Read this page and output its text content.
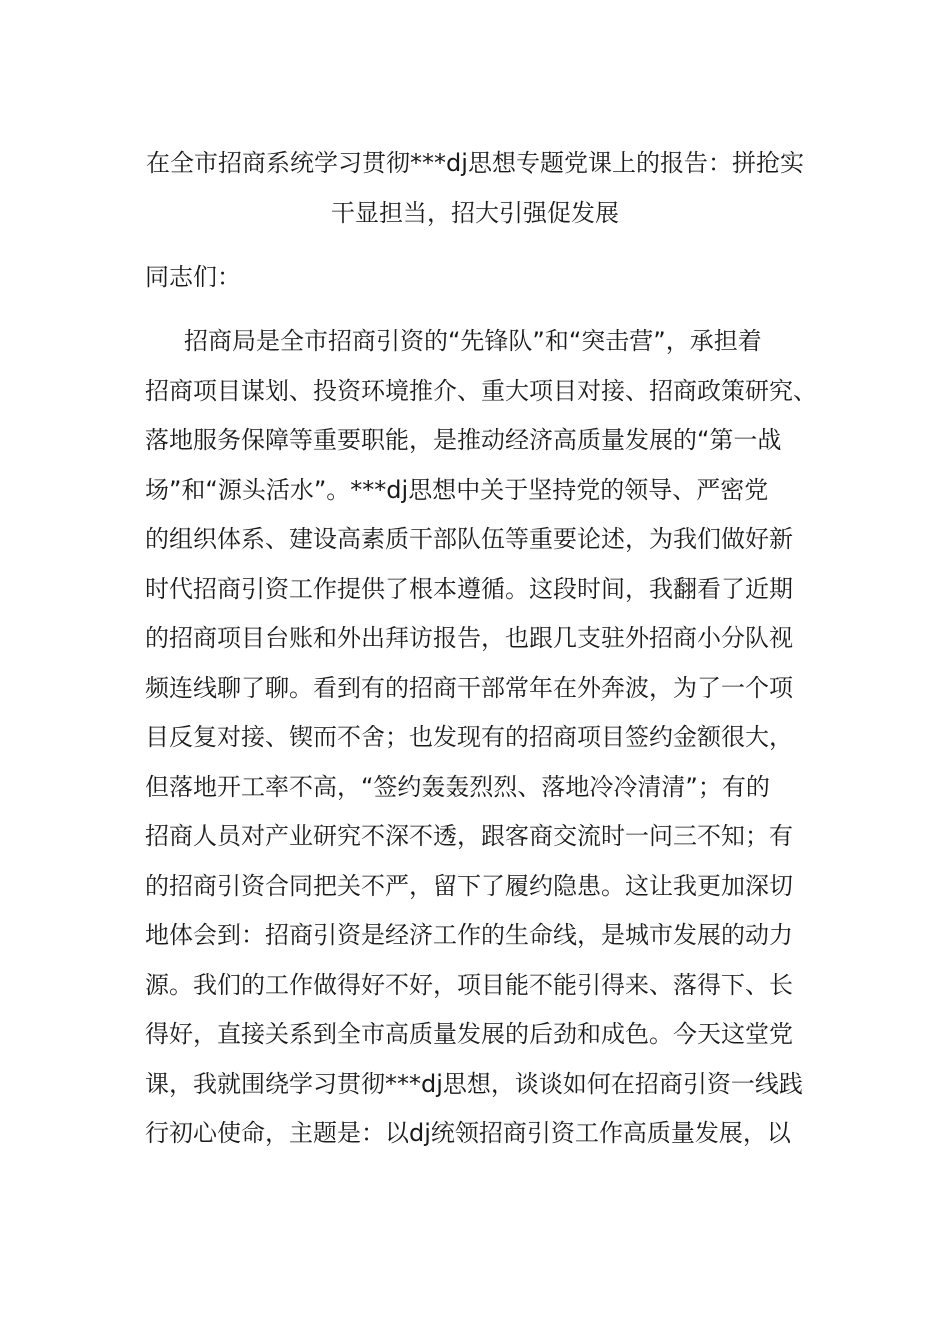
在全市招商系统学习贯彻***dj思想专题党课上的报告：拼抢实
干显担当，招大引强促发展
同志们：
招商局是全市招商引资的“先锋队”和“突击营”，承担着
招商项目谋划、投资环境推介、重大项目对接、招商政策研究、
落地服务保障等重要职能，是推动经济高质量发展的“第一战
场”和“源头活水”。***dj思想中关于坚持党的领导、严密党
的组织体系、建设高素质干部队伍等重要论述，为我们做好新
时代招商引资工作提供了根本遵循。这段时间，我翻看了近期
的招商项目台账和外出拜访报告，也跟几支驻外招商小分队视
频连线聊了聊。看到有的招商干部常年在外奔波，为了一个项
目反复对接、锲而不舍；也发现有的招商项目签约金额很大，
但落地开工率不高，“签约轰轰烈烈、落地冷冷清清”；有的
招商人员对产业研究不深不透，跟客商交流时一问三不知；有
的招商引资合同把关不严，留下了履约隐患。这让我更加深切
地体会到：招商引资是经济工作的生命线，是城市发展的动力
源。我们的工作做得好不好，项目能不能引得来、落得下、长
得好，直接关系到全市高质量发展的后劲和成色。今天这堂党
课，我就围绕学习贯彻***dj思想，谈谈如何在招商引资一线践
行初心使命，主题是：以dj统领招商引资工作高质量发展，以
